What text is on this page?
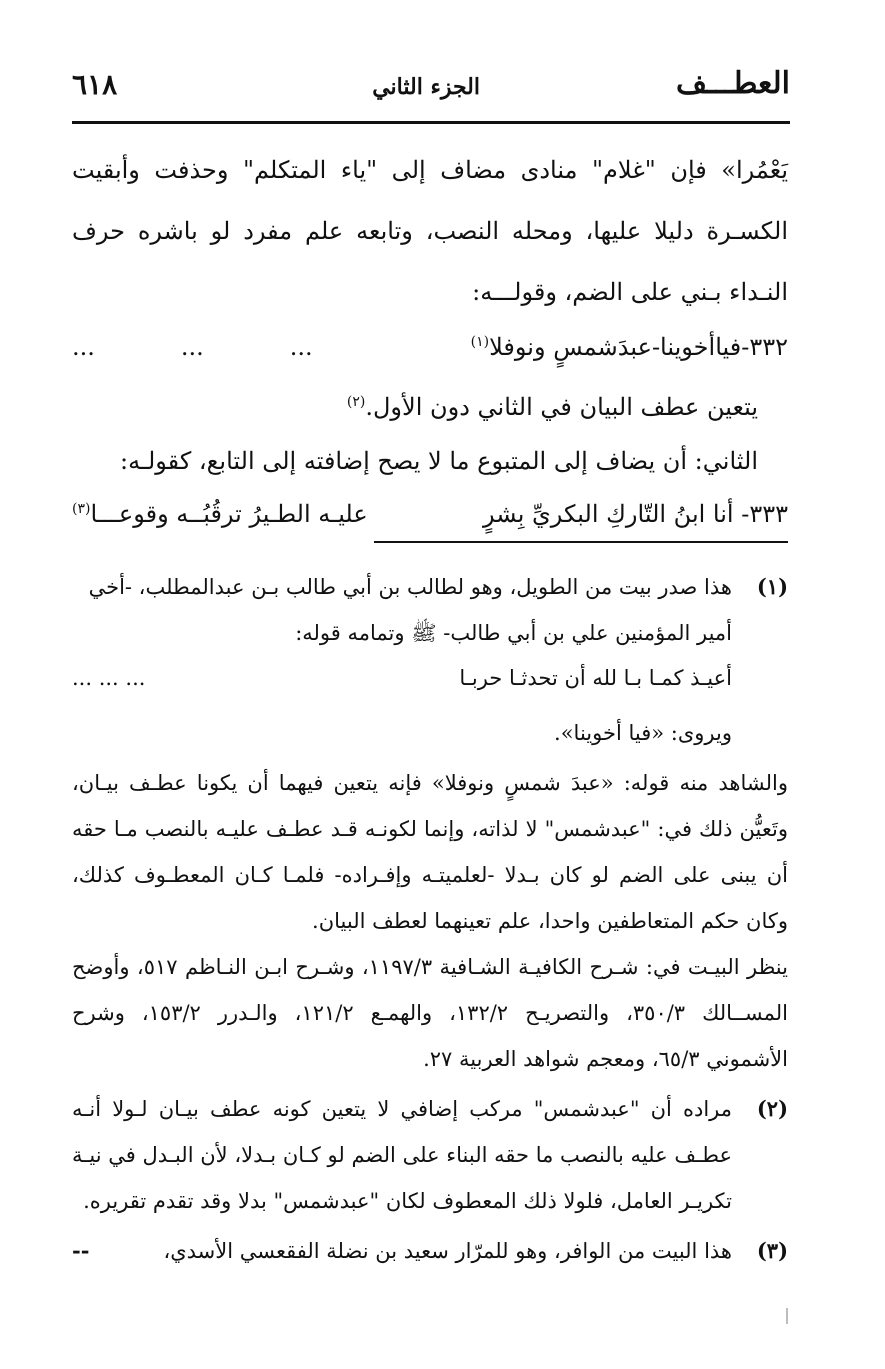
العطـــف
الجزء الثاني
٦١٨

يَعْمُرا» فإن "غلام" منادى مضاف إلى "ياء المتكلم" وحذفت وأبقيت الكسـرة دليلا عليها، ومحله النصب، وتابعه علم مفرد لو باشره حرف النـداء بـني على الضم، وقولـــه:

٣٣٢-فياأخوينا-عبدَشمسٍ ونوفلا$^{(١)}$
.........

يتعين عطف البيان في الثاني دون الأول.$^{(٢)}$

الثاني: أن يضاف إلى المتبوع ما لا يصح إضافته إلى التابع، كقولـه:

٣٣٣- أنا ابنُ التّاركِ البكريِّ بِشرٍ
عليـه الطـيرُ ترقُبُــه وقوعـــا$^{(٣)}$
(١)
هذا صدر بيت من الطويل، وهو لطالب بن أبي طالب بـن عبدالمطلب، -أخي
أمير المؤمنين علي بن أبي طالب- ﷺ وتمامه قوله:
أعيـذ كمـا بـا لله أن تحدثـا حربـا
... ... ...
ويروى: «فيا أخوينا».
والشاهد منه قوله: «عبدَ شمسٍ ونوفلا» فإنه يتعين فيهما أن يكونا عطـف بيـان، وتَعيُّن ذلك في: "عبدشمس" لا لذاته، وإنما لكونـه قـد عطـف عليـه بالنصب مـا حقه أن يبنى على الضم لو كان بـدلا -لعلميتـه وإفـراده- فلمـا كـان المعطـوف كذلك، وكان حكم المتعاطفين واحدا، علم تعينهما لعطف البيان.
ينظر البيـت في: شـرح الكافيـة الشـافية ١١٩٧/٣، وشـرح ابـن النـاظم ٥١٧، وأوضح المســالك ٣٥٠/٣، والتصريـح ١٣٢/٢، والهمـع ١٢١/٢، والـدرر ١٥٣/٢، وشرح الأشموني ٦٥/٣، ومعجم شواهد العربية ٢٧.
(٢)
مراده أن "عبدشمس" مركب إضافي لا يتعين كونه عطف بيـان لـولا أنـه عطـف عليه بالنصب ما حقه البناء على الضم لو كـان بـدلا، لأن البـدل في نيـة تكريـر العامل، فلولا ذلك المعطوف لكان "عبدشمس" بدلا وقد تقدم تقريره.
(٣)
هذا البيت من الوافر، وهو للمرّار سعيد بن نضلة الفقعسي الأسدي،
--
